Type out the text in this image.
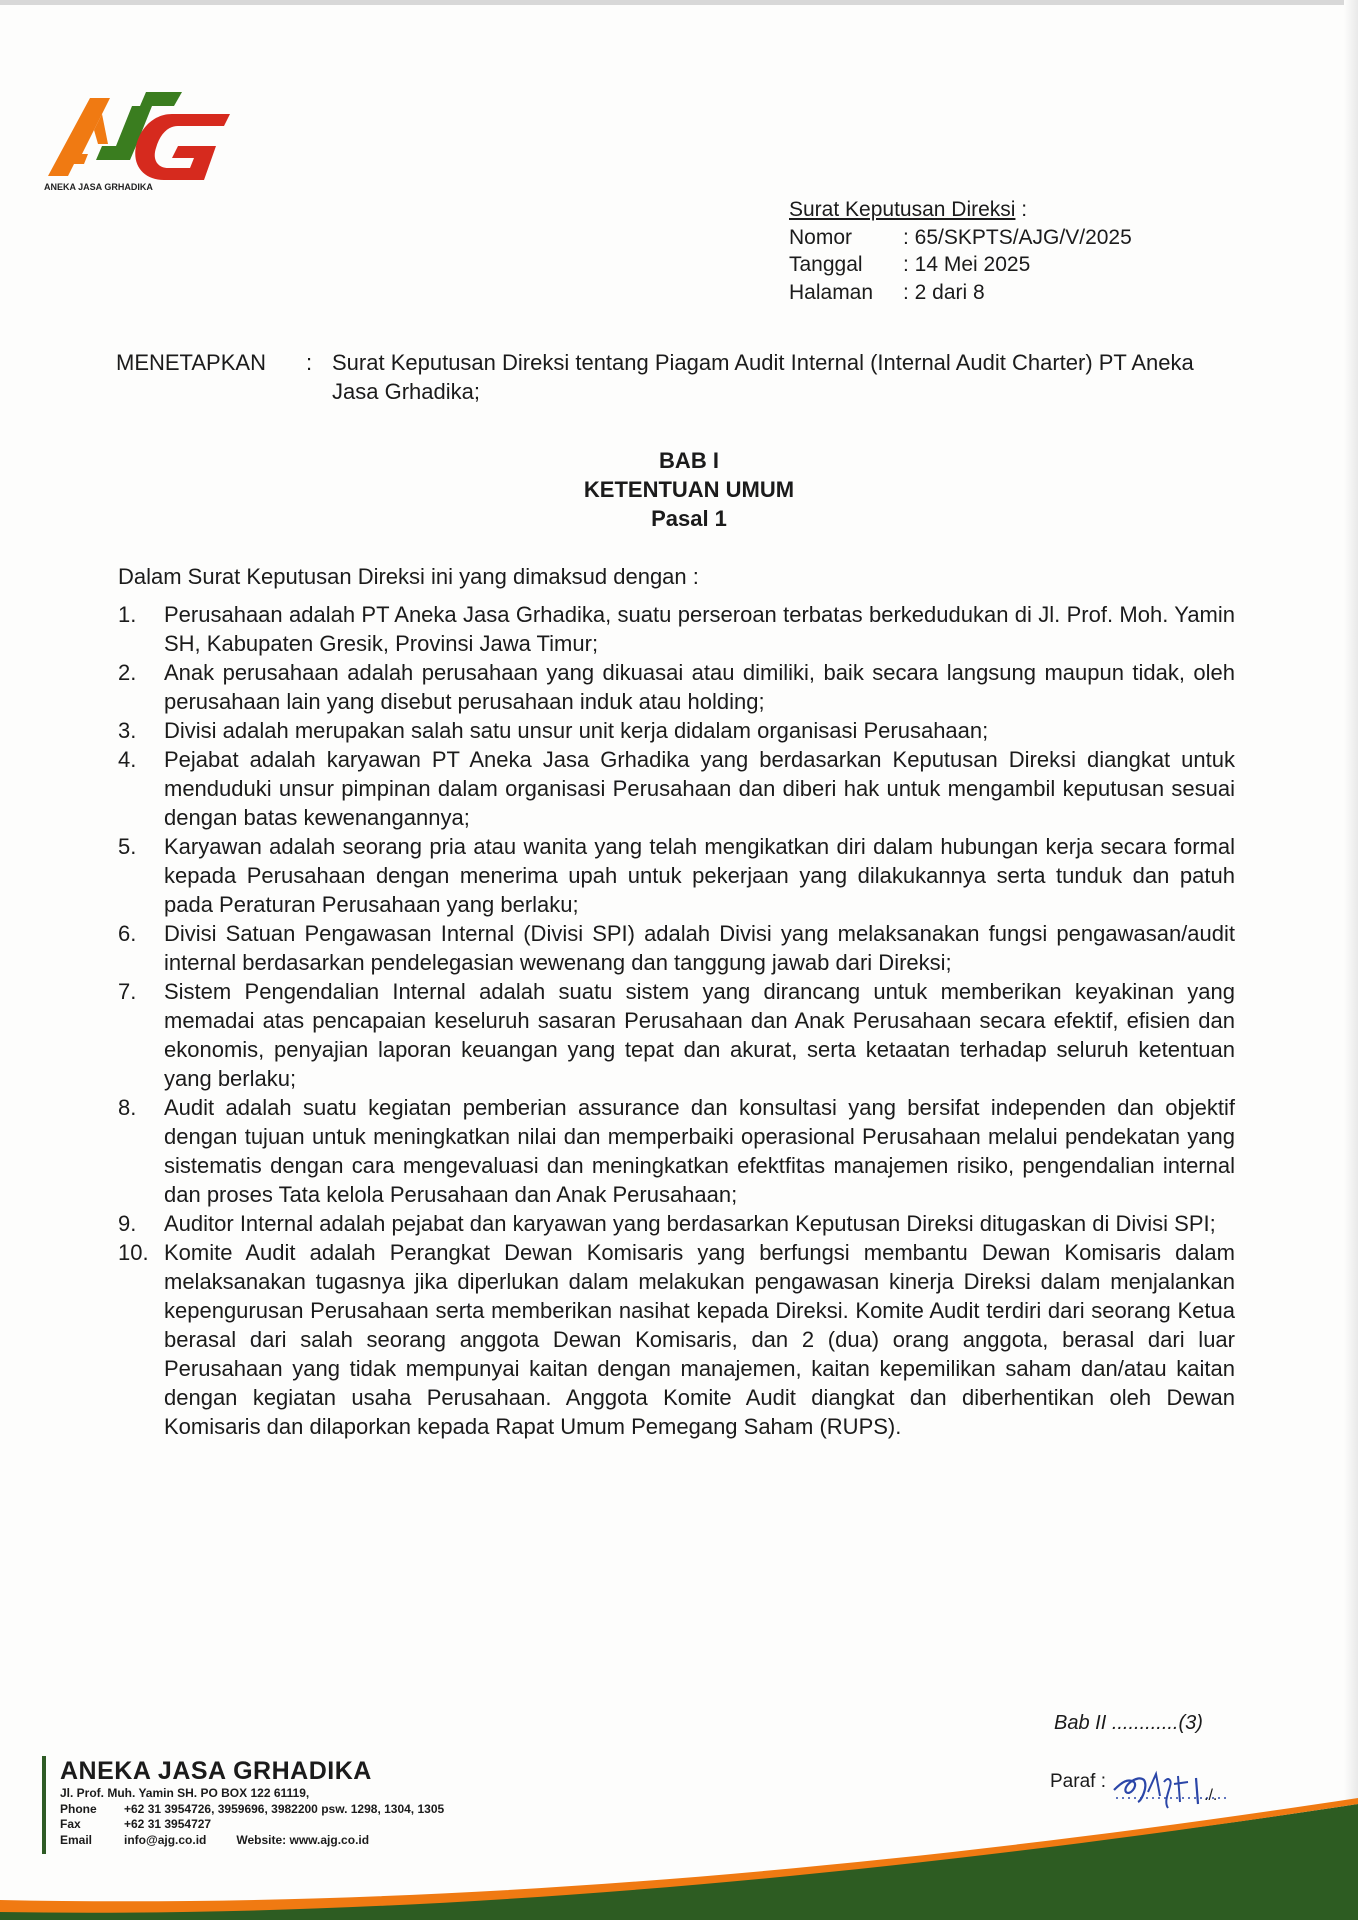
ANEKA JASA GRHADIKA
Surat Keputusan Direksi :
Nomor	: 65/SKPTS/AJG/V/2025
Tanggal	: 14 Mei 2025
Halaman	: 2 dari 8
MENETAPKAN	: Surat Keputusan Direksi tentang Piagam Audit Internal (Internal Audit Charter) PT Aneka Jasa Grhadika;
BAB I
KETENTUAN UMUM
Pasal 1
Dalam Surat Keputusan Direksi ini yang dimaksud dengan :
1.	Perusahaan adalah PT Aneka Jasa Grhadika, suatu perseroan terbatas berkedudukan di Jl. Prof. Moh. Yamin SH, Kabupaten Gresik, Provinsi Jawa Timur;
2.	Anak perusahaan adalah perusahaan yang dikuasai atau dimiliki, baik secara langsung maupun tidak, oleh perusahaan lain yang disebut perusahaan induk atau holding;
3.	Divisi adalah merupakan salah satu unsur unit kerja didalam organisasi Perusahaan;
4.	Pejabat adalah karyawan PT Aneka Jasa Grhadika yang berdasarkan Keputusan Direksi diangkat untuk menduduki unsur pimpinan dalam organisasi Perusahaan dan diberi hak untuk mengambil keputusan sesuai dengan batas kewenangannya;
5.	Karyawan adalah seorang pria atau wanita yang telah mengikatkan diri dalam hubungan kerja secara formal kepada Perusahaan dengan menerima upah untuk pekerjaan yang dilakukannya serta tunduk dan patuh pada Peraturan Perusahaan yang berlaku;
6.	Divisi Satuan Pengawasan Internal (Divisi SPI) adalah Divisi yang melaksanakan fungsi pengawasan/audit internal berdasarkan pendelegasian wewenang dan tanggung jawab dari Direksi;
7.	Sistem Pengendalian Internal adalah suatu sistem yang dirancang untuk memberikan keyakinan yang memadai atas pencapaian keseluruh sasaran Perusahaan dan Anak Perusahaan secara efektif, efisien dan ekonomis, penyajian laporan keuangan yang tepat dan akurat, serta ketaatan terhadap seluruh ketentuan yang berlaku;
8.	Audit adalah suatu kegiatan pemberian assurance dan konsultasi yang bersifat independen dan objektif dengan tujuan untuk meningkatkan nilai dan memperbaiki operasional Perusahaan melalui pendekatan yang sistematis dengan cara mengevaluasi dan meningkatkan efektfitas manajemen risiko, pengendalian internal dan proses Tata kelola Perusahaan dan Anak Perusahaan;
9.	Auditor Internal adalah pejabat dan karyawan yang berdasarkan Keputusan Direksi ditugaskan di Divisi SPI;
10. Komite Audit adalah Perangkat Dewan Komisaris yang berfungsi membantu Dewan Komisaris dalam melaksanakan tugasnya jika diperlukan dalam melakukan pengawasan kinerja Direksi dalam menjalankan kepengurusan Perusahaan serta memberikan nasihat kepada Direksi. Komite Audit terdiri dari seorang Ketua berasal dari salah seorang anggota Dewan Komisaris, dan 2 (dua) orang anggota, berasal dari luar Perusahaan yang tidak mempunyai kaitan dengan manajemen, kaitan kepemilikan saham dan/atau kaitan dengan kegiatan usaha Perusahaan. Anggota Komite Audit diangkat dan diberhentikan oleh Dewan Komisaris dan dilaporkan kepada Rapat Umum Pemegang Saham (RUPS).
Bab II ............(3)
Paraf :
./.
ANEKA JASA GRHADIKA
Jl. Prof. Muh. Yamin SH. PO BOX 122 61119,
Phone	+62 31 3954726, 3959696, 3982200 psw. 1298, 1304, 1305
Fax	+62 31 3954727
Email	info@ajg.co.id	Website: www.ajg.co.id
